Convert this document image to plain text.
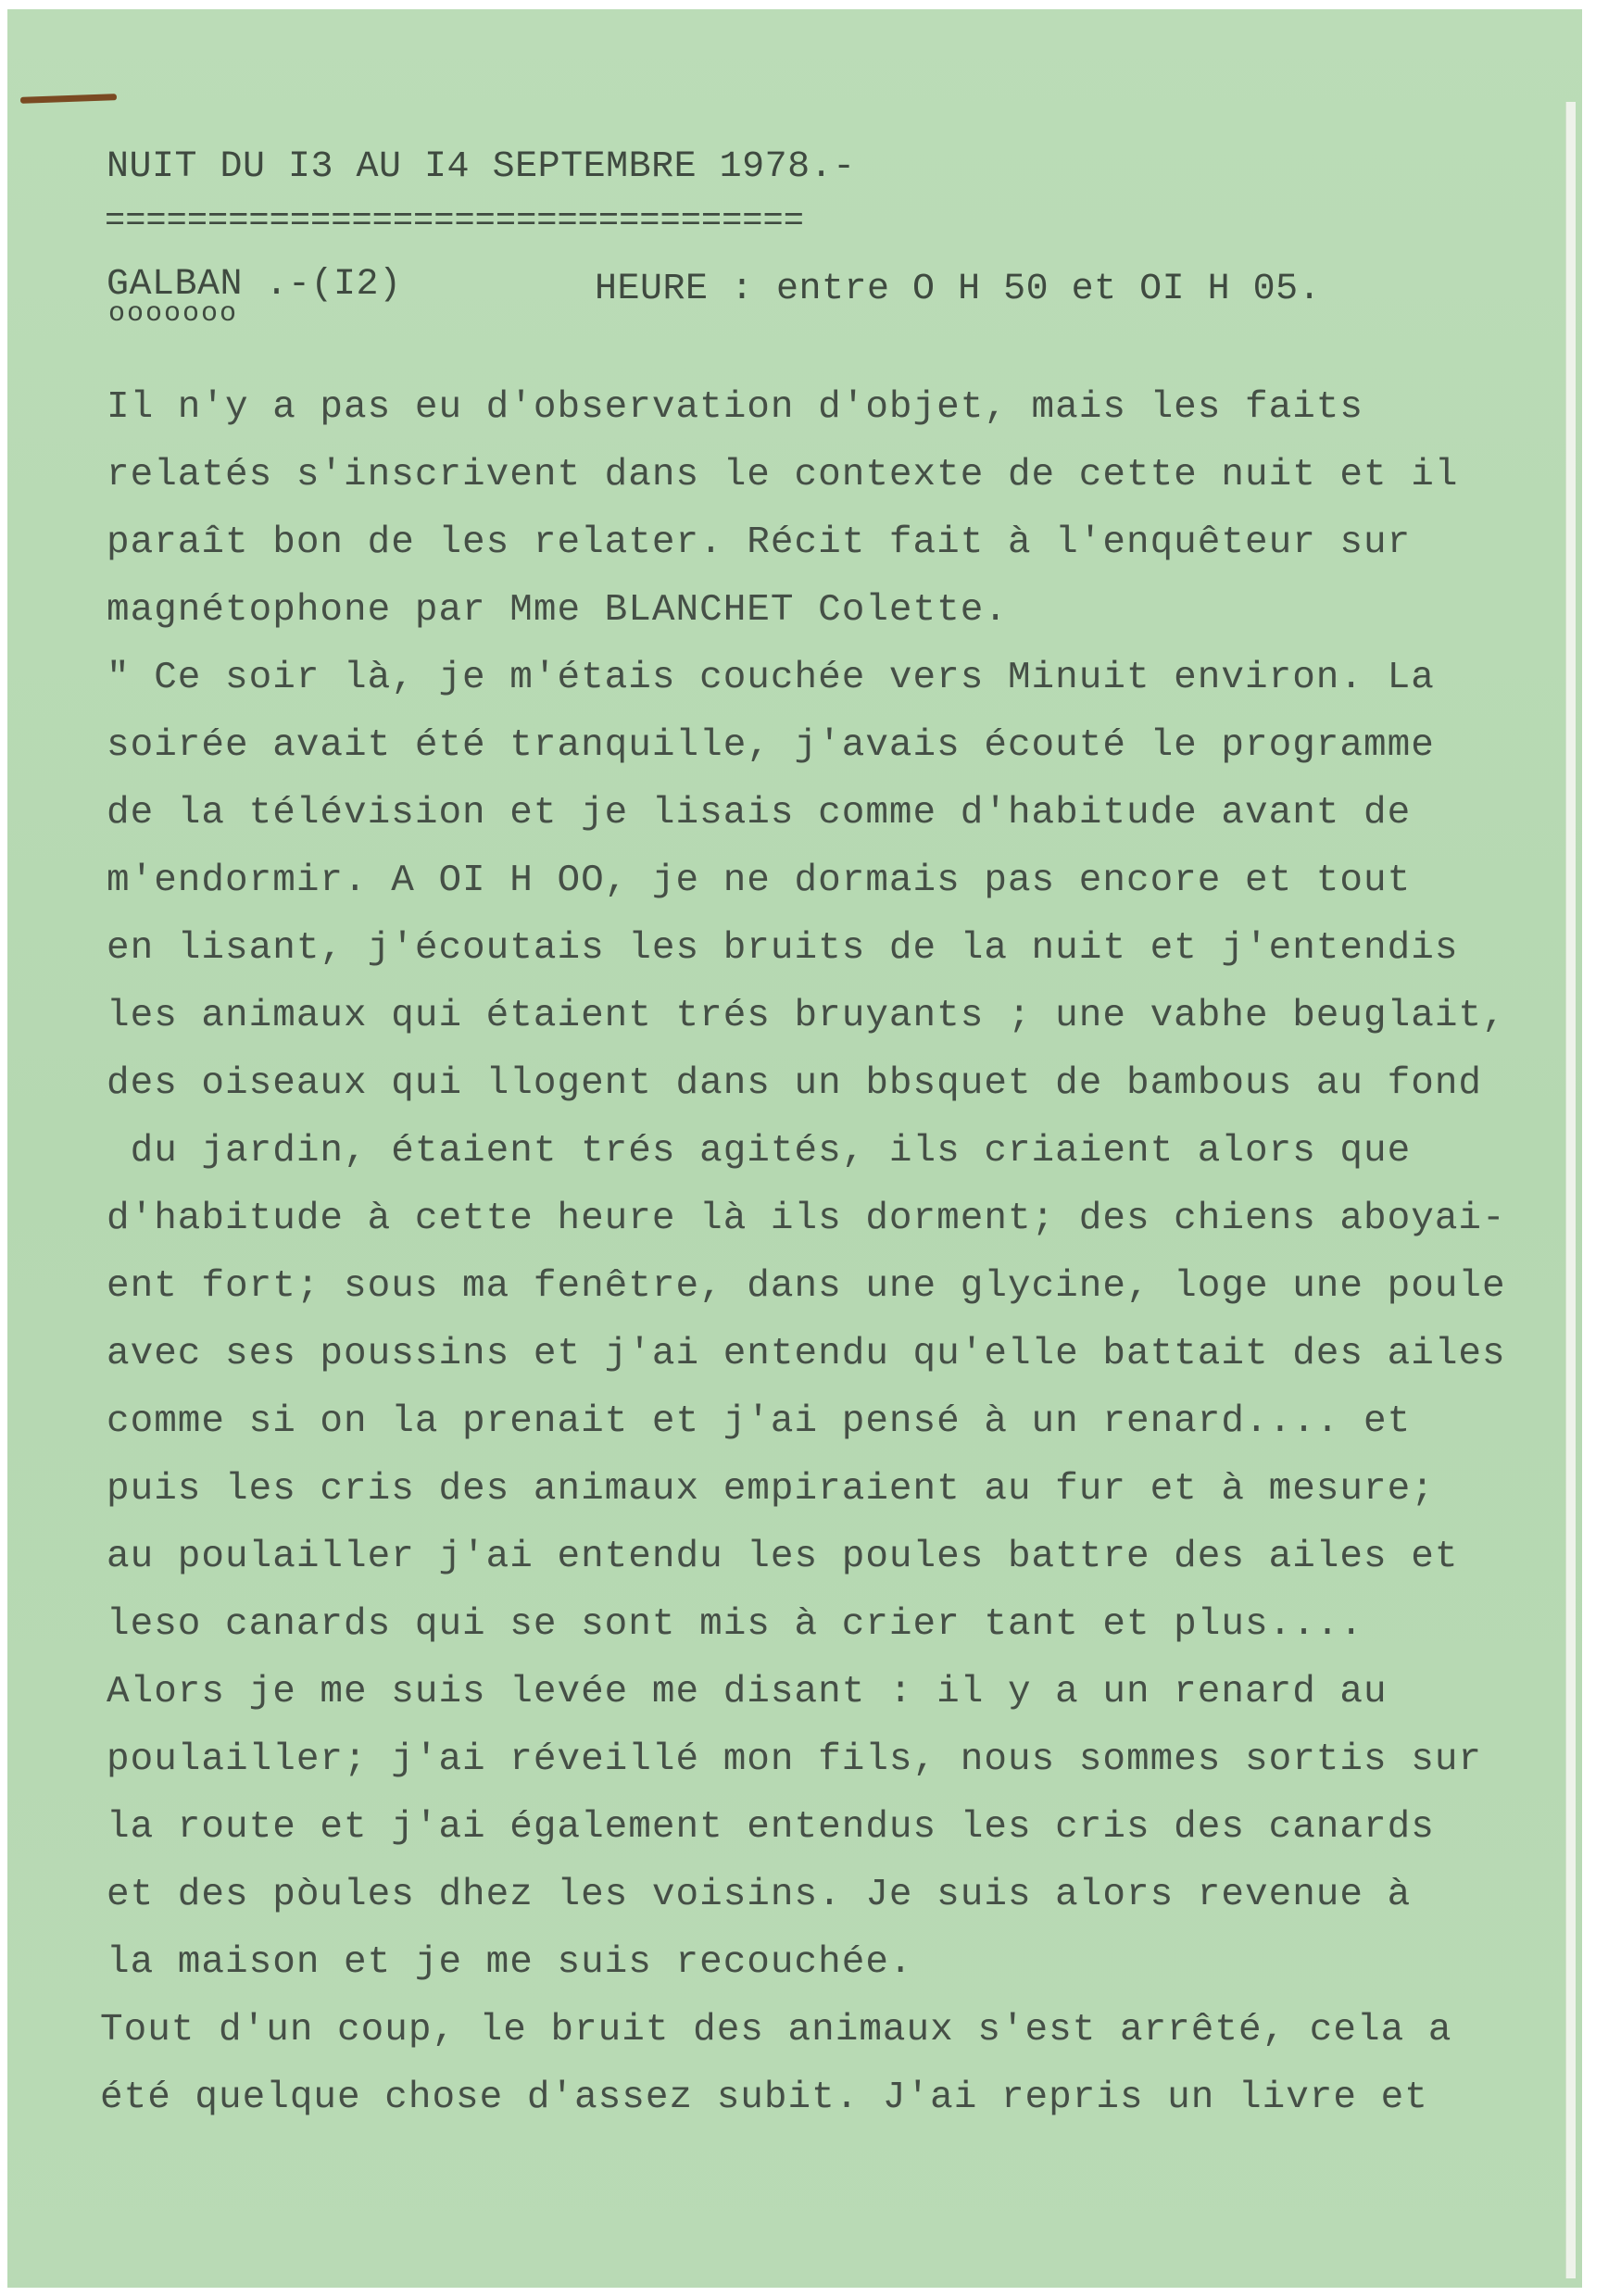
NUIT DU I3 AU I4 SEPTEMBRE 1978.-
==================================
GALBAN .-(I2)
ooooooo
HEURE : entre O H 50 et OI H 05.
Il n'y a pas eu d'observation d'objet, mais les faits
relatés s'inscrivent dans le contexte de cette nuit et il
paraît bon de les relater. Récit fait à l'enquêteur sur
magnétophone par Mme BLANCHET Colette.
" Ce soir là, je m'étais couchée vers Minuit environ. La
soirée avait été tranquille, j'avais écouté le programme
de la télévision et je lisais comme d'habitude avant de
m'endormir. A OI H OO, je ne dormais pas encore et tout
en lisant, j'écoutais les bruits de la nuit et j'entendis
les animaux qui étaient trés bruyants ; une vabhe beuglait,
des oiseaux qui llogent dans un bbsquet de bambous au fond
du jardin, étaient trés agités, ils criaient alors que
d'habitude à cette heure là ils dorment; des chiens aboyai-
ent fort; sous ma fenêtre, dans une glycine, loge une poule
avec ses poussins et j'ai entendu qu'elle battait des ailes
comme si on la prenait et j'ai pensé à un renard.... et
puis les cris des animaux empiraient au fur et à mesure;
au poulailler j'ai entendu les poules battre des ailes et
leso canards qui se sont mis à crier tant et plus....
Alors je me suis levée me disant : il y a un renard au
poulailler; j'ai réveillé mon fils, nous sommes sortis sur
la route et j'ai également entendus les cris des canards
et des pòules dhez les voisins. Je suis alors revenue à
la maison et je me suis recouchée.
Tout d'un coup, le bruit des animaux s'est arrêté, cela a
été quelque chose d'assez subit. J'ai repris un livre et
